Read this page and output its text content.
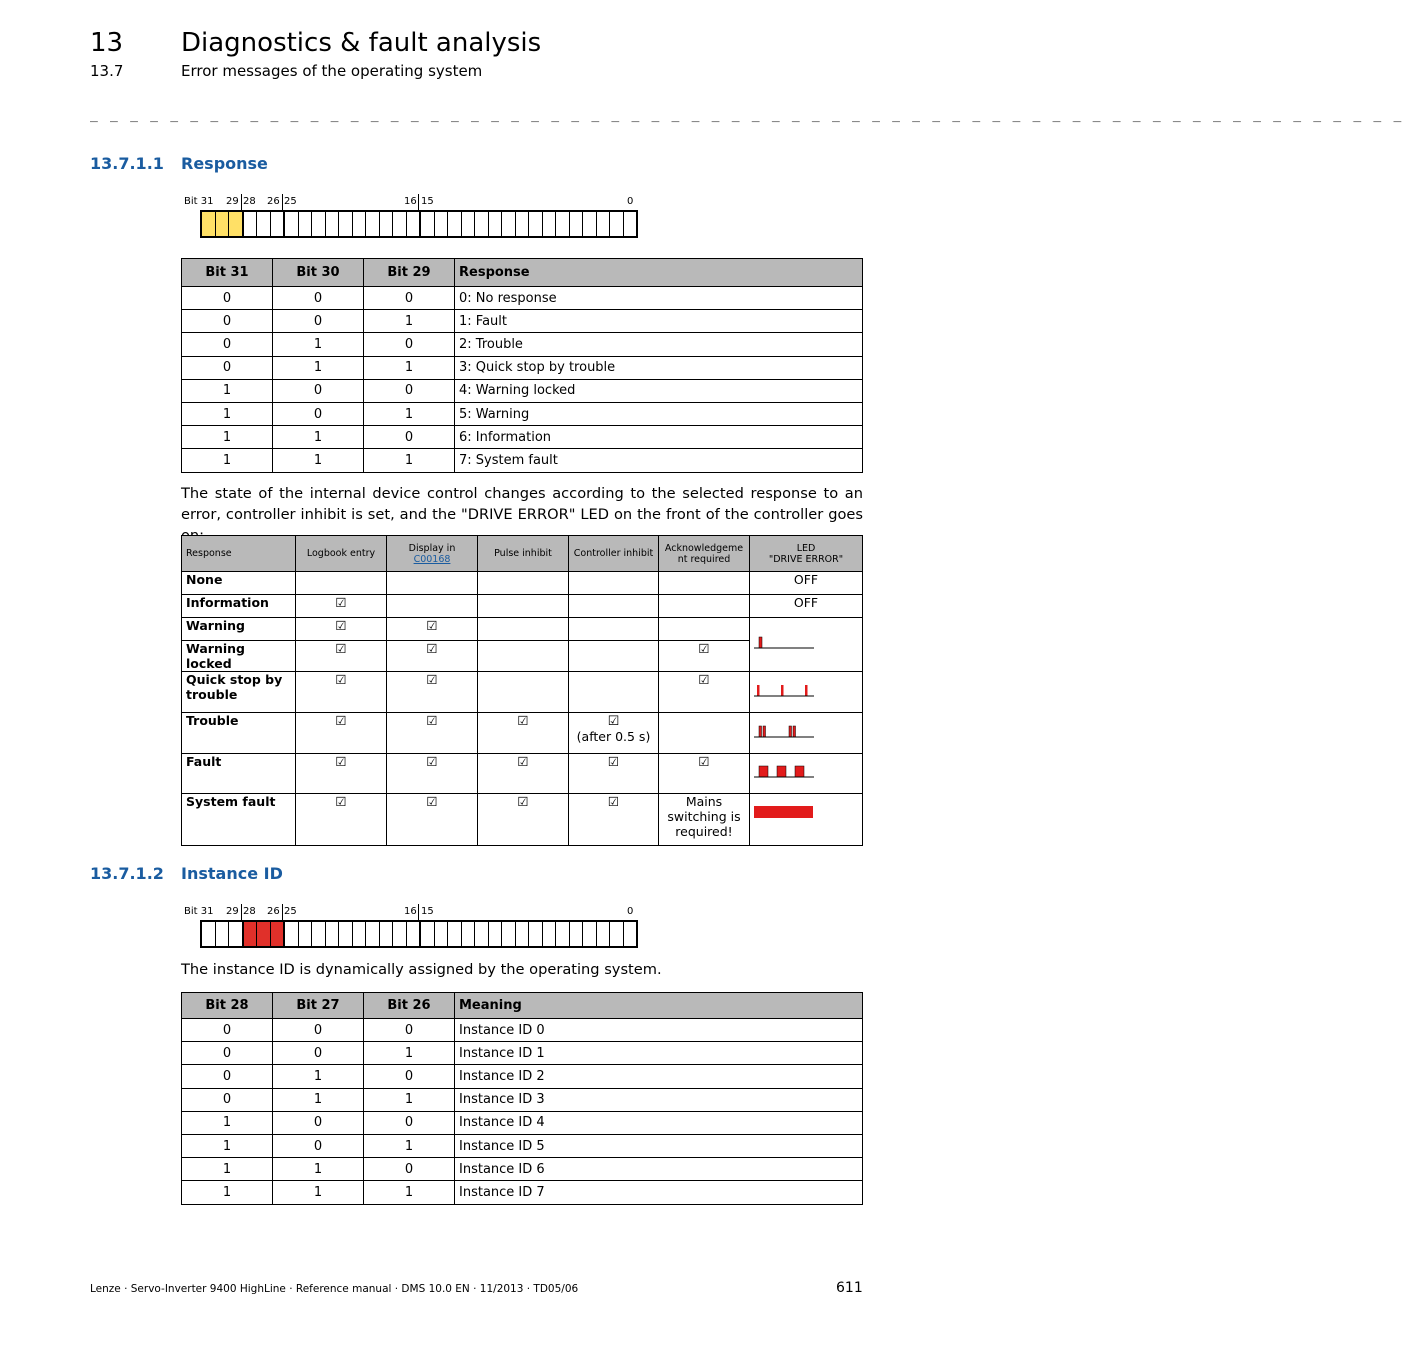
13 Diagnostics & fault analysis
13.7	Error messages of the operating system
_ _ _ _ _ _ _ _ _ _ _ _ _ _ _ _ _ _ _ _ _ _ _ _ _ _ _ _ _ _ _ _ _ _ _ _ _ _ _ _ _ _ _ _ _ _ _ _ _ _ _ _ _ _ _ _ _ _ _ _ _ _ _ _ _ _
13.7.1.1 Response
Bit 31 29 28 26 25	16 15	0
Bit 31	Bit 30	Bit 29	Response
0	0	0	0: No response
0	0	1	1: Fault
0	1	0	2: Trouble
0	1	1	3: Quick stop by trouble
1	0	0	4: Warning locked
1	0	1	5: Warning
1	1	0	6: Information
1	1	1	7: System fault
The state of the internal device control changes according to the selected response to an error, controller inhibit is set, and the "DRIVE ERROR" LED on the front of the controller goes
Response	Logbook entry	Display in C00168	Pulse inhibit	Controller inhibit	Acknowledgeme nt required	LED
"DRIVE ERROR"
None						OFF
Information	☑					OFF
Warning	☑	☑				
Warning locked	☑	☑			☑	
Quick stop by trouble	☑	☑			☑	
Trouble	☑	☑	☑	☑
(after 0.5 s)		
Fault	☑	☑	☑	☑	☑	
System fault	☑	☑	☑	☑	Mains switching is required!	
13.7.1.2 Instance ID
Bit 31 29 28 26 25	16 15	0
The instance ID is dynamically assigned by the operating system.
Bit 28	Bit 27	Bit 26	Meaning
0	0	0	Instance ID 0
0	0	1	Instance ID 1
0	1	0	Instance ID 2
0	1	1	Instance ID 3
1	0	0	Instance ID 4
1	0	1	Instance ID 5
1	1	0	Instance ID 6
1	1	1	Instance ID 7
Lenze · Servo-Inverter 9400 HighLine · Reference manual · DMS 10.0 EN · 11/2013 · TD05/06	611
